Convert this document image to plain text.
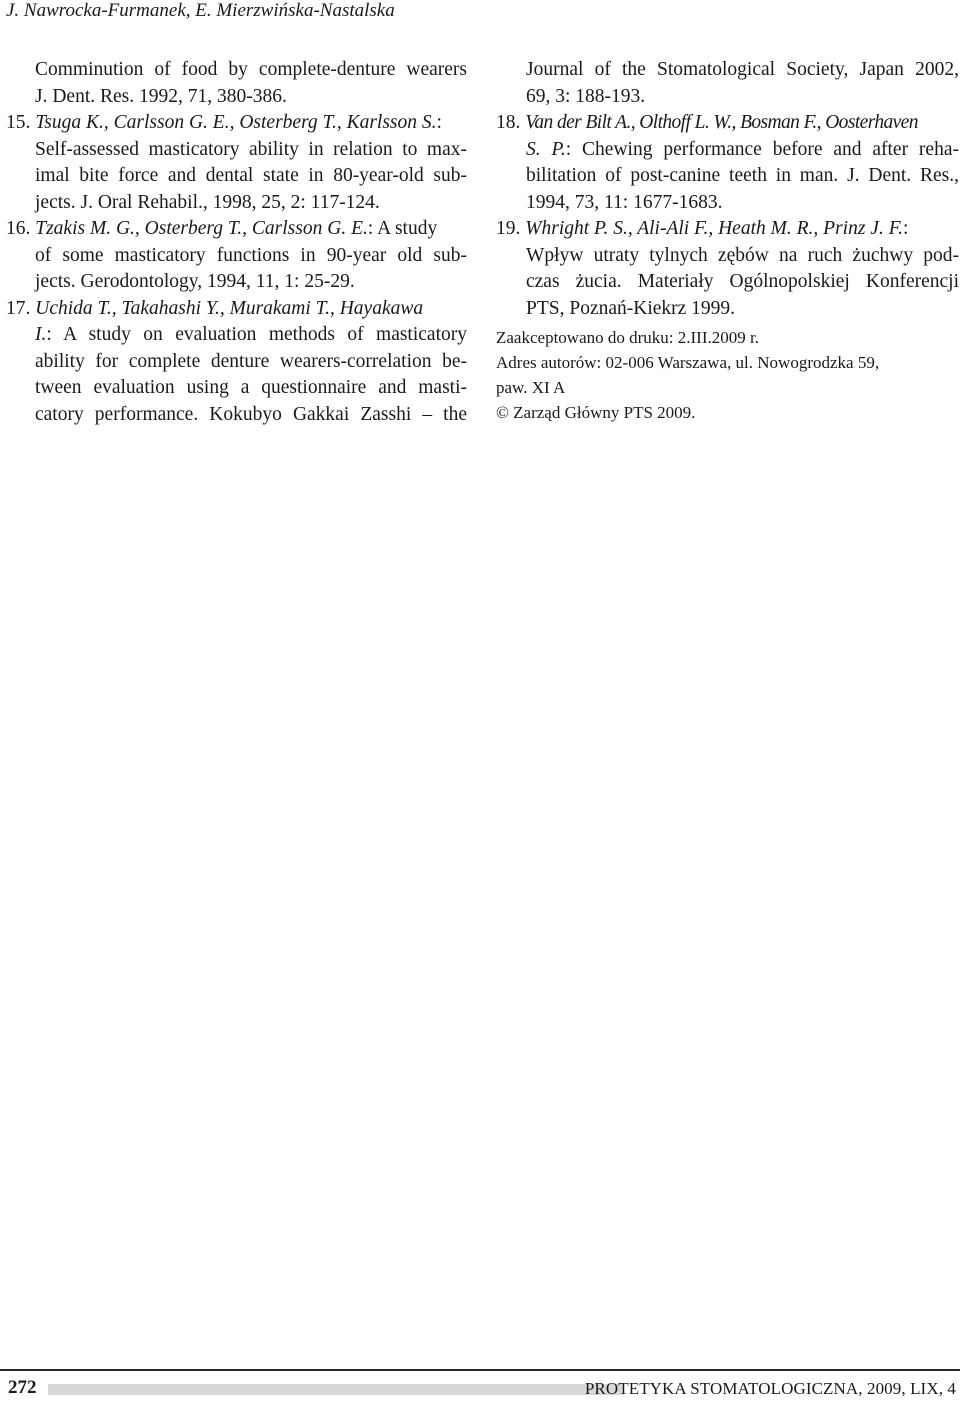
J. Nawrocka-Furmanek, E. Mierzwińska-Nastalska

Comminution of food by complete-denture wearers
J. Dent. Res. 1992, 71, 380-386.

15. Tsuga K., Carlsson G. E., Osterberg T., Karlsson S.:
Self-assessed masticatory ability in relation to max-
imal bite force and dental state in 80-year-old sub-
jects. J. Oral Rehabil., 1998, 25, 2: 117-124.

16. Tzakis M. G., Osterberg T., Carlsson G. E.: A study
of some masticatory functions in 90-year old sub-
jects. Gerodontology, 1994, 11, 1: 25-29.

17. Uchida T., Takahashi Y., Murakami T., Hayakawa
I.: A study on evaluation methods of masticatory
ability for complete denture wearers-correlation be-
tween evaluation using a questionnaire and masti-
catory performance. Kokubyo Gakkai Zasshi – the

Journal of the Stomatological Society, Japan 2002,
69, 3: 188-193.

18. Van der Bilt A., Olthoff L. W., Bosman F., Oosterhaven
S. P.: Chewing performance before and after reha-
bilitation of post-canine teeth in man. J. Dent. Res.,
1994, 73, 11: 1677-1683.

19. Whright P. S., Ali-Ali F., Heath M. R., Prinz J. F.:
Wpływ utraty tylnych zębów na ruch żuchwy pod-
czas żucia. Materiały Ogólnopolskiej Konferencji
PTS, Poznań-Kiekrz 1999.

Zaakceptowano do druku: 2.III.2009 r.

Adres autorów: 02-006 Warszawa, ul. Nowogrodzka 59,

paw. XI A

© Zarząd Główny PTS 2009.

272	PROTETYKA STOMATOLOGICZNA, 2009, LIX, 4
